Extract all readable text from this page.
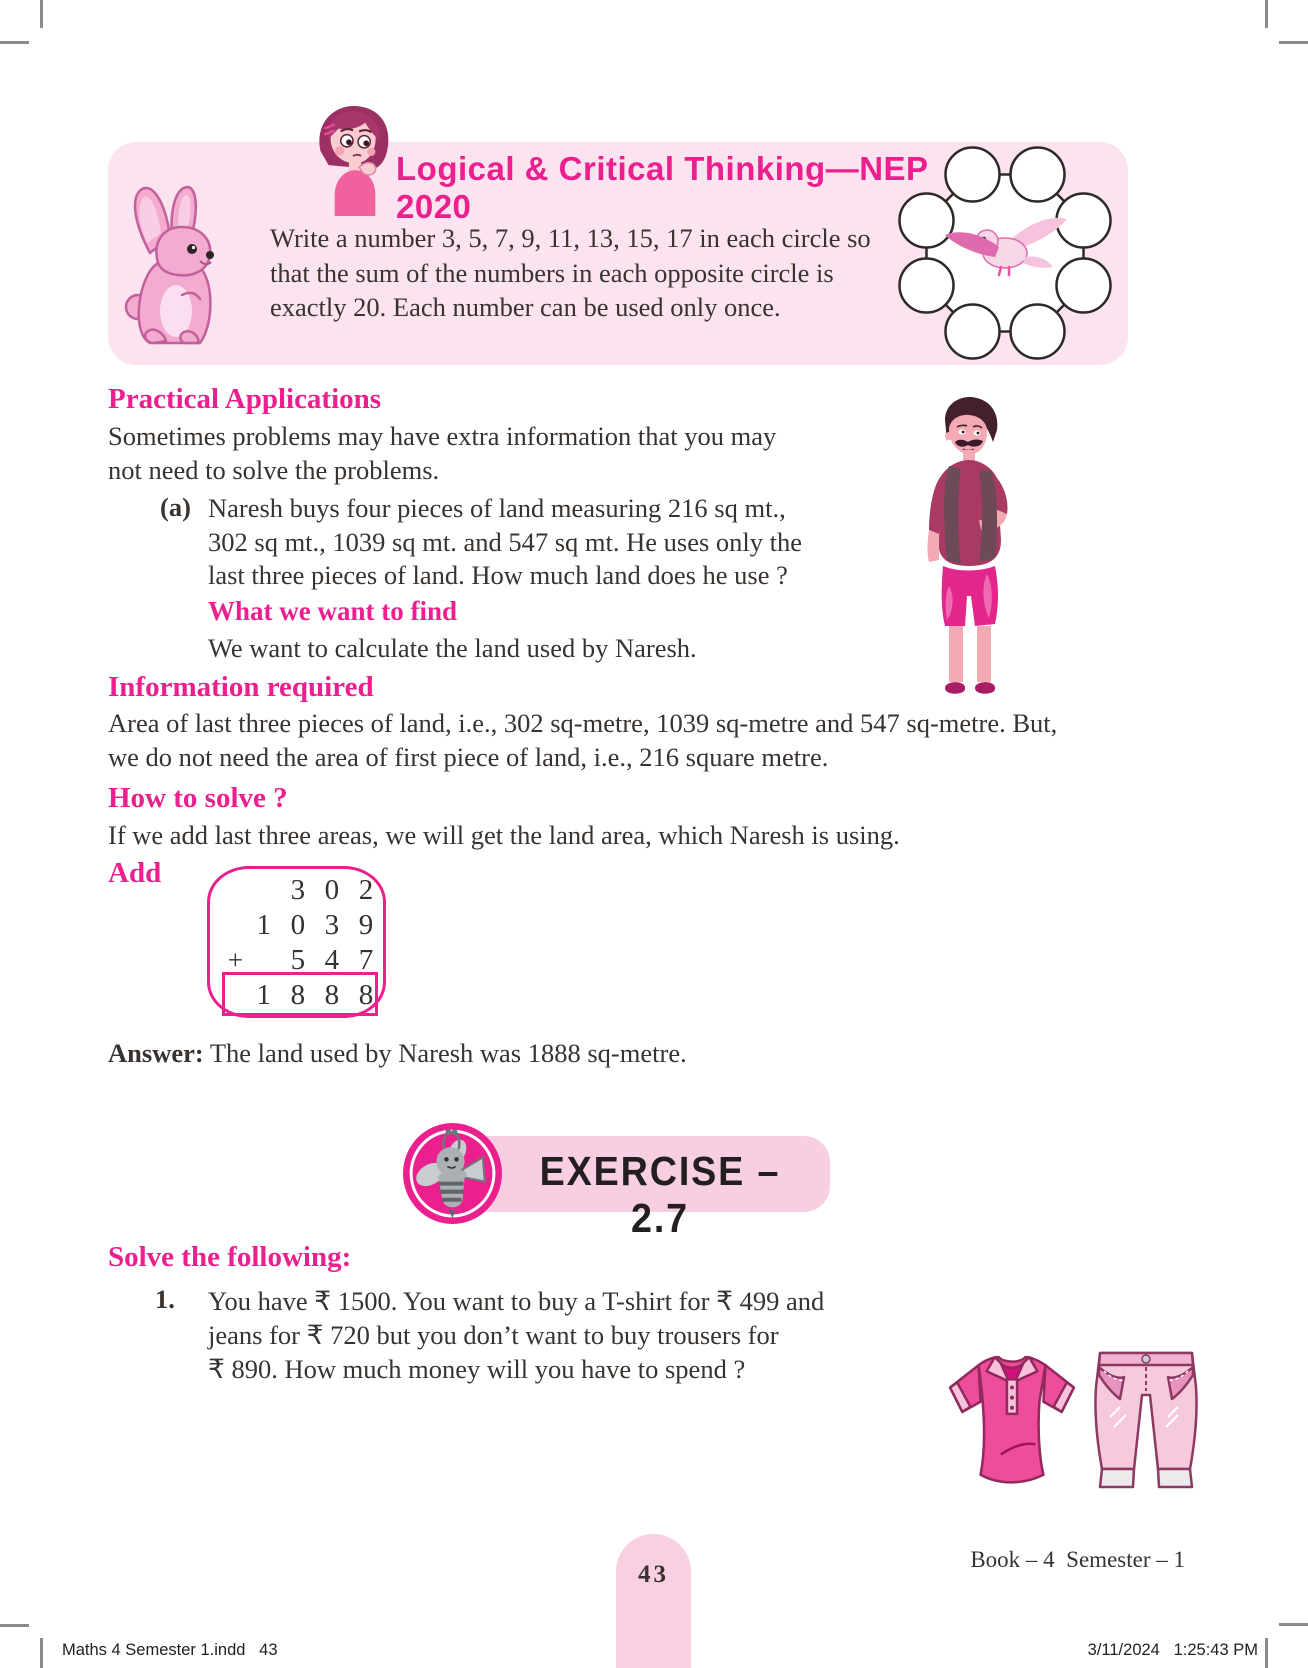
Logical & Critical Thinking—NEP 2020
Write a number 3, 5, 7, 9, 11, 13, 15, 17 in each circle so
that the sum of the numbers in each opposite circle is
exactly 20. Each number can be used only once.
Practical Applications
Sometimes problems may have extra information that you may
not need to solve the problems.
(a) Naresh buys four pieces of land measuring 216 sq mt.,
302 sq mt., 1039 sq mt. and 547 sq mt. He uses only the
last three pieces of land. How much land does he use ?
What we want to find
We want to calculate the land used by Naresh.
Information required
Area of last three pieces of land, i.e., 302 sq-metre, 1039 sq-metre and 547 sq-metre. But,
we do not need the area of first piece of land, i.e., 216 square metre.
How to solve ?
If we add last three areas, we will get the land area, which Naresh is using.
Add
3 0 2
1 0 3 9
+	5 4 7
1 8 8 8
Answer: The land used by Naresh was 1888 sq-metre.
EXERCISE – 2.7
Solve the following:
1. You have ₹ 1500. You want to buy a T-shirt for ₹ 499 and
jeans for ₹ 720 but you don’t want to buy trousers for
₹ 890. How much money will you have to spend ?
Book – 4  Semester – 1
43
Maths 4 Semester 1.indd   43	3/11/2024   1:25:43 PM
